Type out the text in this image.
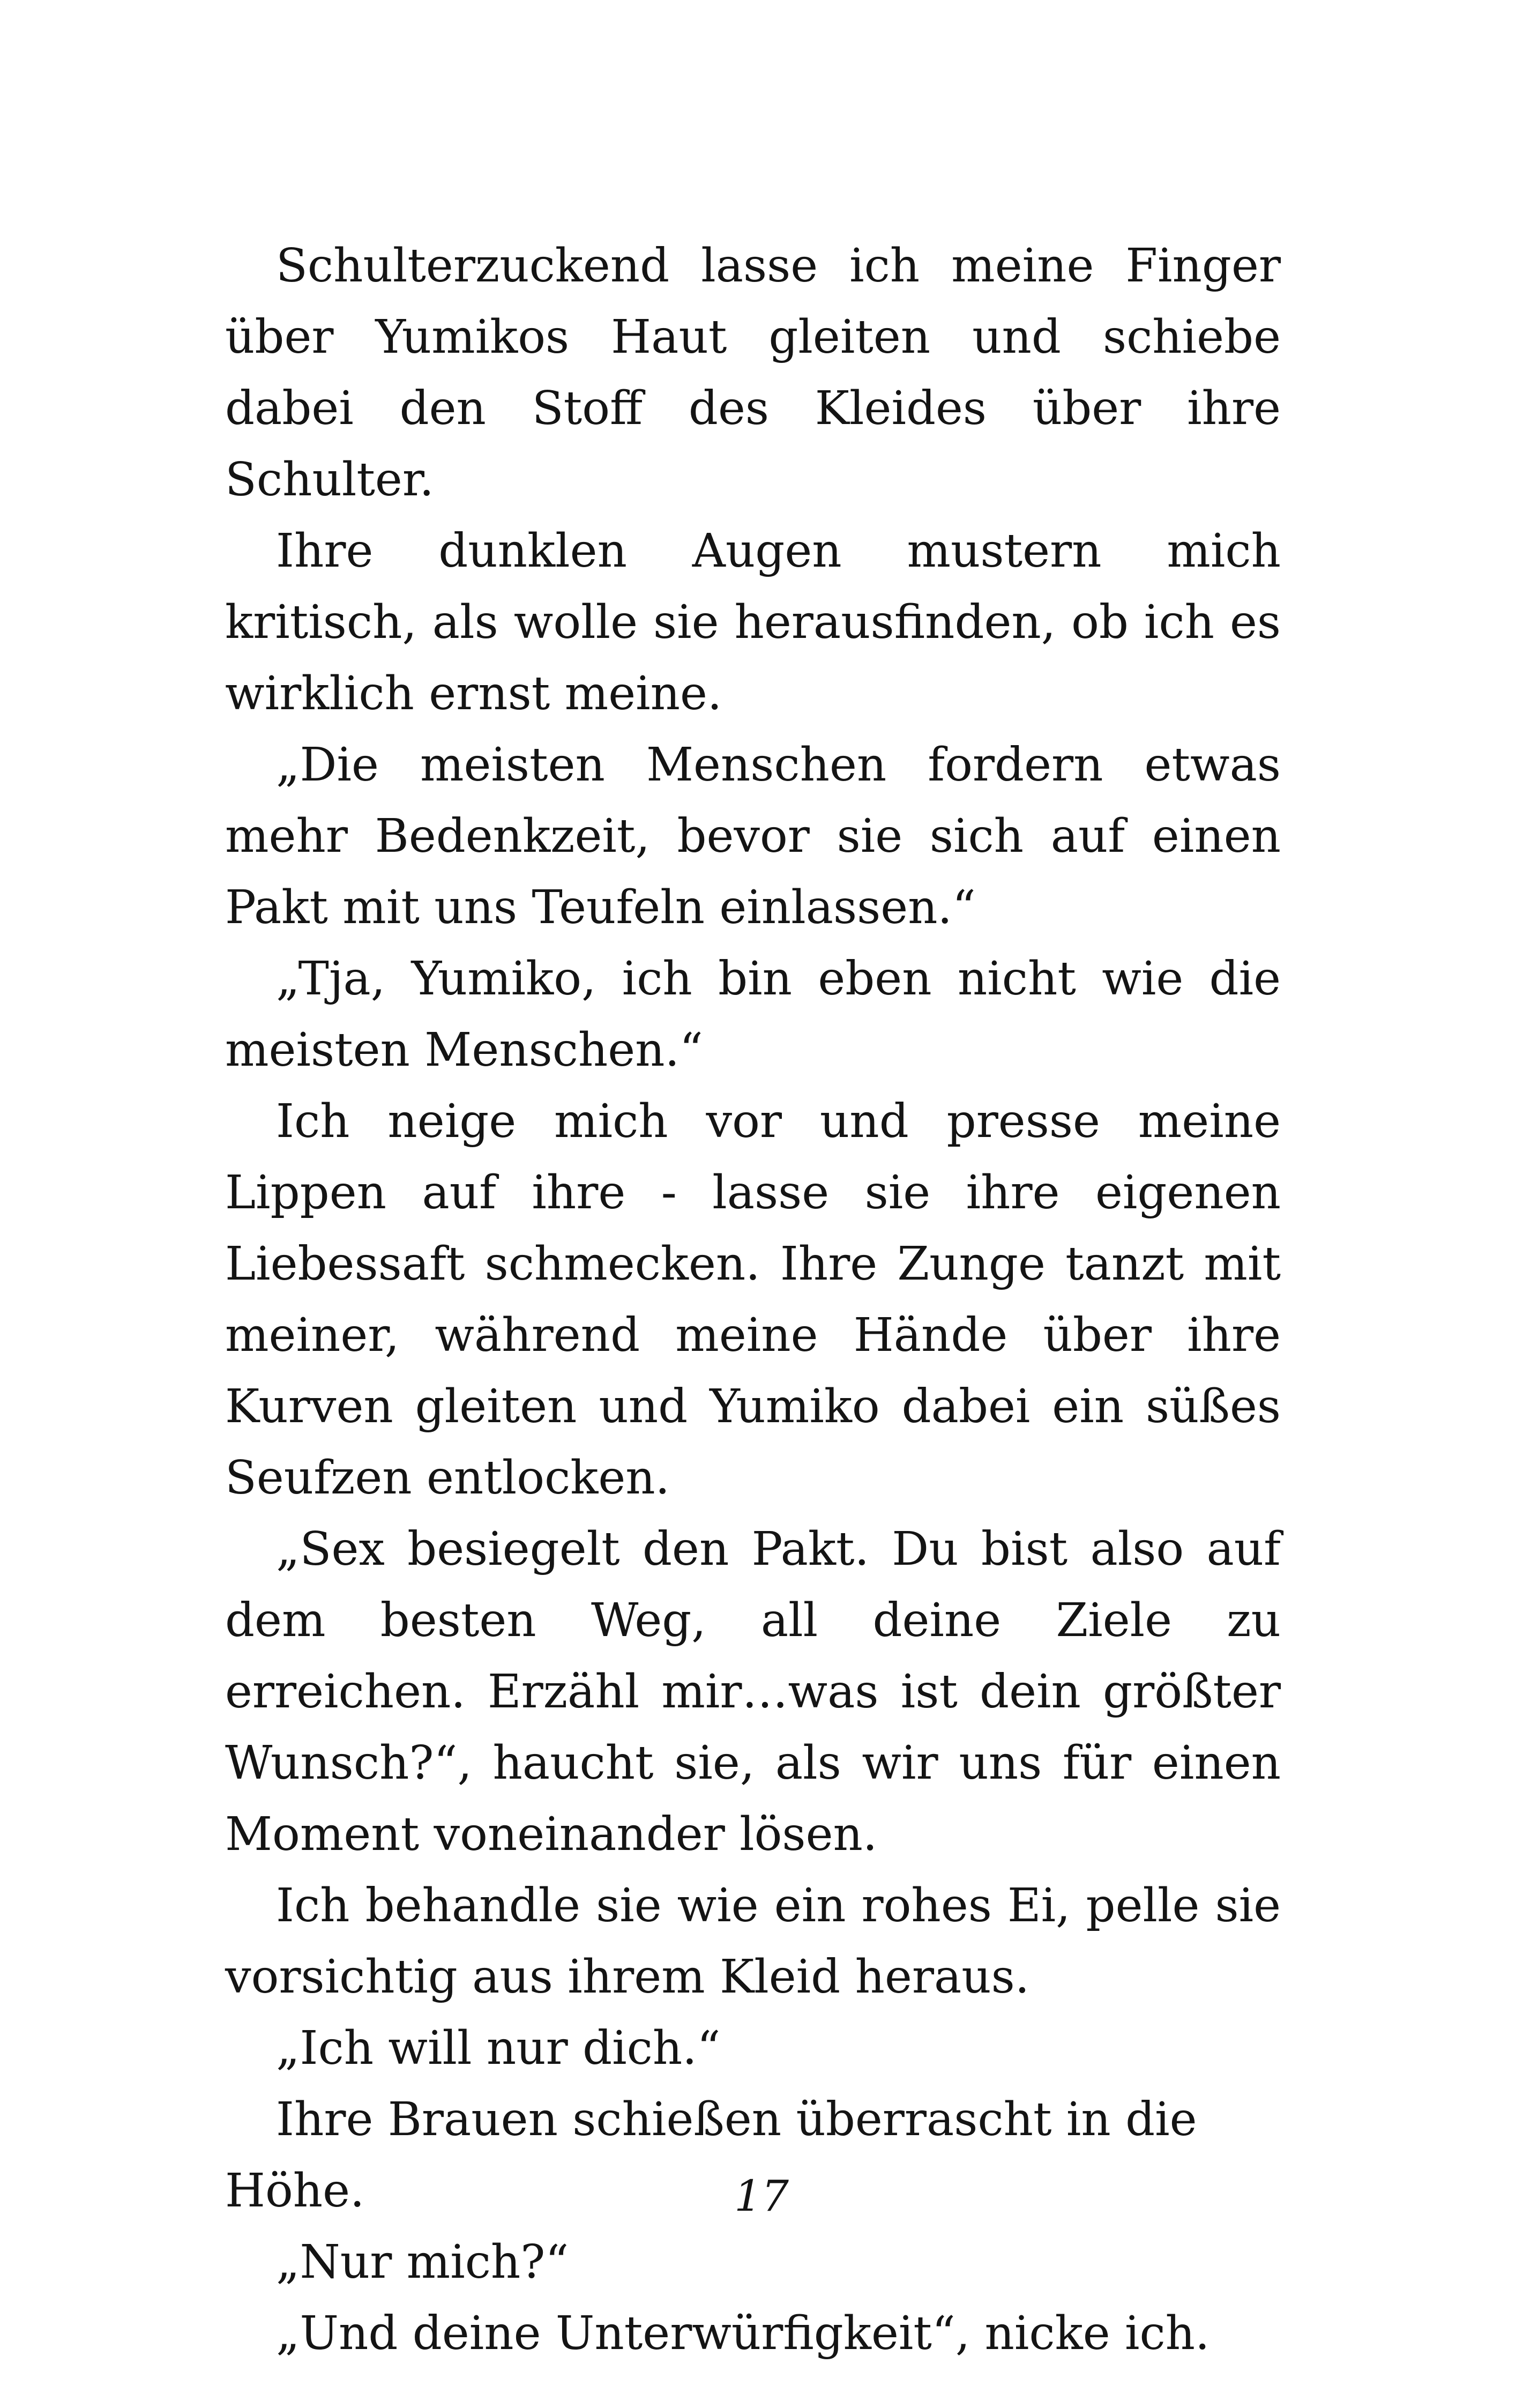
Schulterzuckend lasse ich meine Finger über Yumikos Haut gleiten und schiebe dabei den Stoff des Kleides über ihre Schulter.

Ihre dunklen Augen mustern mich kritisch, als wolle sie herausfinden, ob ich es wirklich ernst meine.

„Die meisten Menschen fordern etwas mehr Bedenkzeit, bevor sie sich auf einen Pakt mit uns Teufeln einlassen.“

„Tja, Yumiko, ich bin eben nicht wie die meisten Menschen.“

Ich neige mich vor und presse meine Lippen auf ihre - lasse sie ihre eigenen Liebessaft schmecken. Ihre Zunge tanzt mit meiner, während meine Hände über ihre Kurven gleiten und Yumiko dabei ein süßes Seufzen entlocken.

„Sex besiegelt den Pakt. Du bist also auf dem besten Weg, all deine Ziele zu erreichen. Erzähl mir…was ist dein größter Wunsch?“, haucht sie, als wir uns für einen Moment voneinander lösen.

Ich behandle sie wie ein rohes Ei, pelle sie vorsichtig aus ihrem Kleid heraus.

„Ich will nur dich.“

Ihre Brauen schießen überrascht in die Höhe.

„Nur mich?“

„Und deine Unterwürfigkeit“, nicke ich.

17
